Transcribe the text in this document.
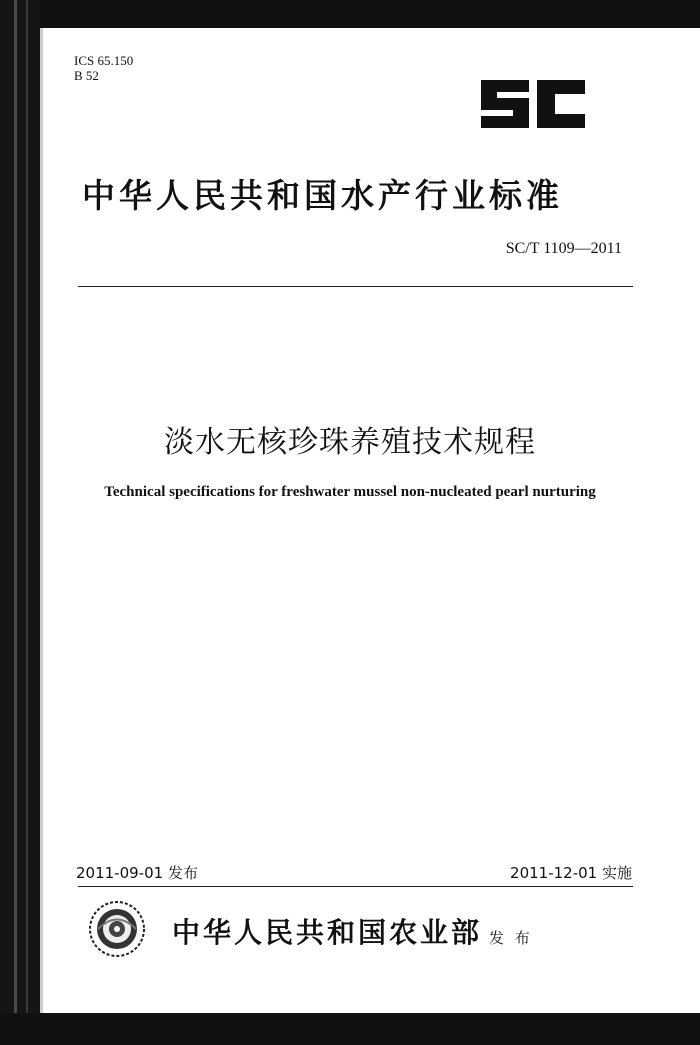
ICS 65.150
B 52
中华人民共和国水产行业标准
SC/T 1109—2011
淡水无核珍珠养殖技术规程
Technical specifications for freshwater mussel non-nucleated pearl nurturing
2011-09-01 发布	2011-12-01 实施
中华人民共和国农业部 发 布
